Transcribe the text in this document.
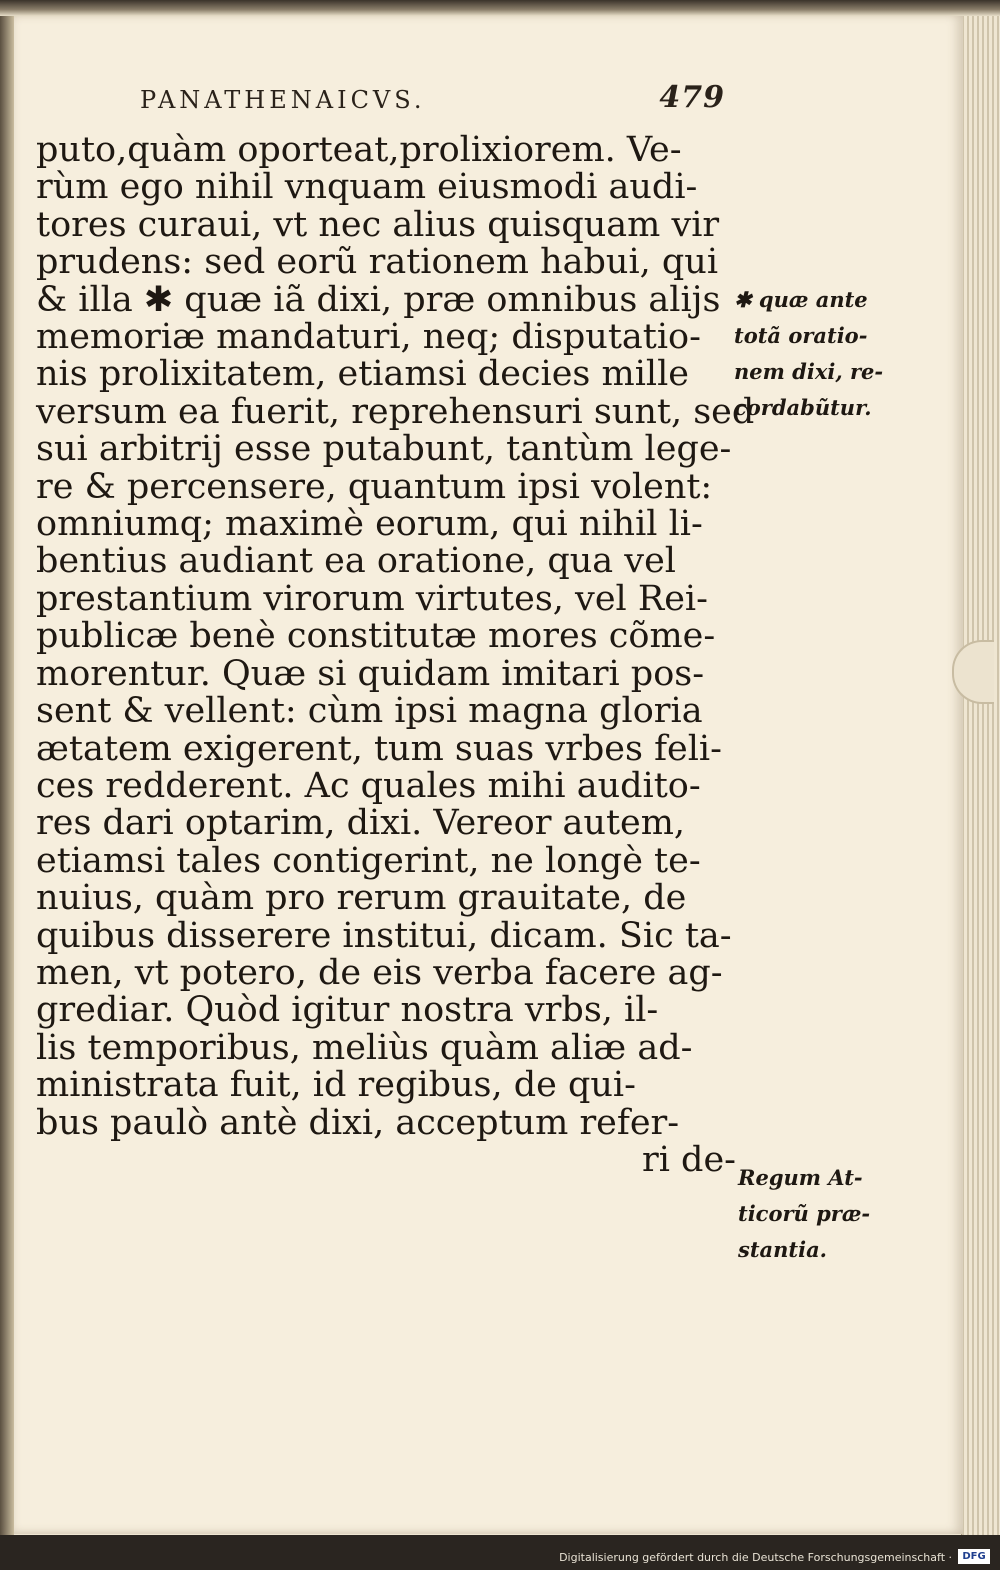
PANATHENAICVS.	479
puto,quàm oporteat,prolixiorem. Ve-
rùm ego nihil vnquam eiusmodi audi-
tores curaui, vt nec alius quisquam vir
prudens: sed eorũ rationem habui, qui
& illa ✱ quæ iã dixi, præ omnibus alijs
memoriæ mandaturi, neq; disputatio-
nis prolixitatem, etiamsi decies mille
versum ea fuerit, reprehensuri sunt, sed
sui arbitrij esse putabunt, tantùm lege-
re & percensere, quantum ipsi volent:
omniumq; maximè eorum, qui nihil li-
bentius audiant ea oratione, qua vel
prestantium virorum virtutes, vel Rei-
publicæ benè constitutæ mores cõme-
morentur. Quæ si quidam imitari pos-
sent & vellent: cùm ipsi magna gloria
ætatem exigerent, tum suas vrbes feli-
ces redderent. Ac quales mihi audito-
res dari optarim, dixi. Vereor autem,
etiamsi tales contigerint, ne longè te-
nuius, quàm pro rerum grauitate, de
quibus disserere institui, dicam. Sic ta-
men, vt potero, de eis verba facere ag-
grediar. Quòd igitur nostra vrbs, il-
lis temporibus, meliùs quàm aliæ ad-
ministrata fuit, id regibus, de qui-
bus paulò antè dixi, acceptum refer-
ri de-
✱ quæ ante
totã oratio-
nem dixi, re-
cordabũtur.
Regum At-
ticorũ præ-
stantia.
Digitalisierung gefördert durch die Deutsche Forschungsgemeinschaft ·	DFG
